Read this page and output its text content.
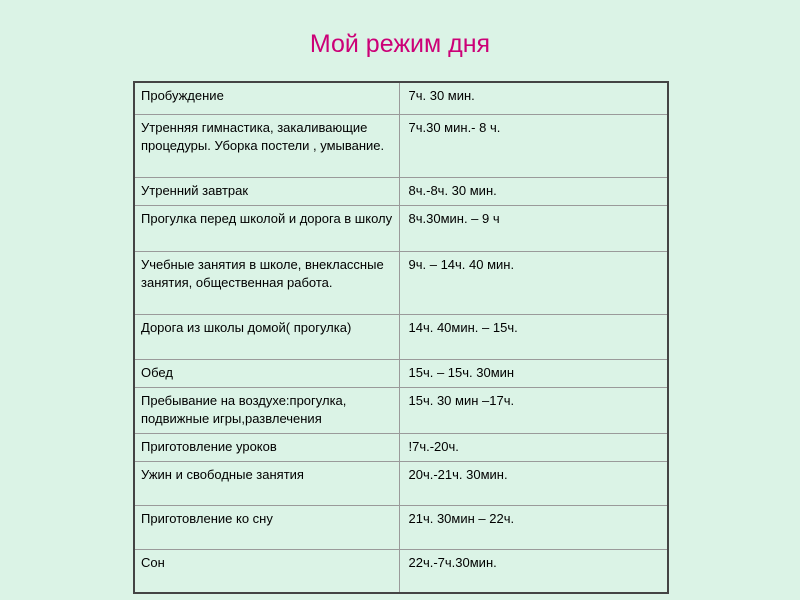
Мой режим дня
Пробуждение	7ч. 30 мин.
Утренняя гимнастика, закаливающие процедуры. Уборка постели , умывание.	7ч.30 мин.- 8 ч.
Утренний завтрак	8ч.-8ч. 30 мин.
Прогулка перед школой и дорога в школу	8ч.30мин. – 9 ч
Учебные занятия в школе, внеклассные занятия, общественная работа.	9ч. – 14ч. 40 мин.
Дорога из школы домой( прогулка)	14ч. 40мин. – 15ч.
Обед	15ч. – 15ч. 30мин
Пребывание на воздухе:прогулка, подвижные игры,развлечения	15ч. 30 мин –17ч.
Приготовление уроков	!7ч.-20ч.
Ужин и свободные занятия	20ч.-21ч. 30мин.
Приготовление ко сну	21ч. 30мин – 22ч.
Сон	22ч.-7ч.30мин.
